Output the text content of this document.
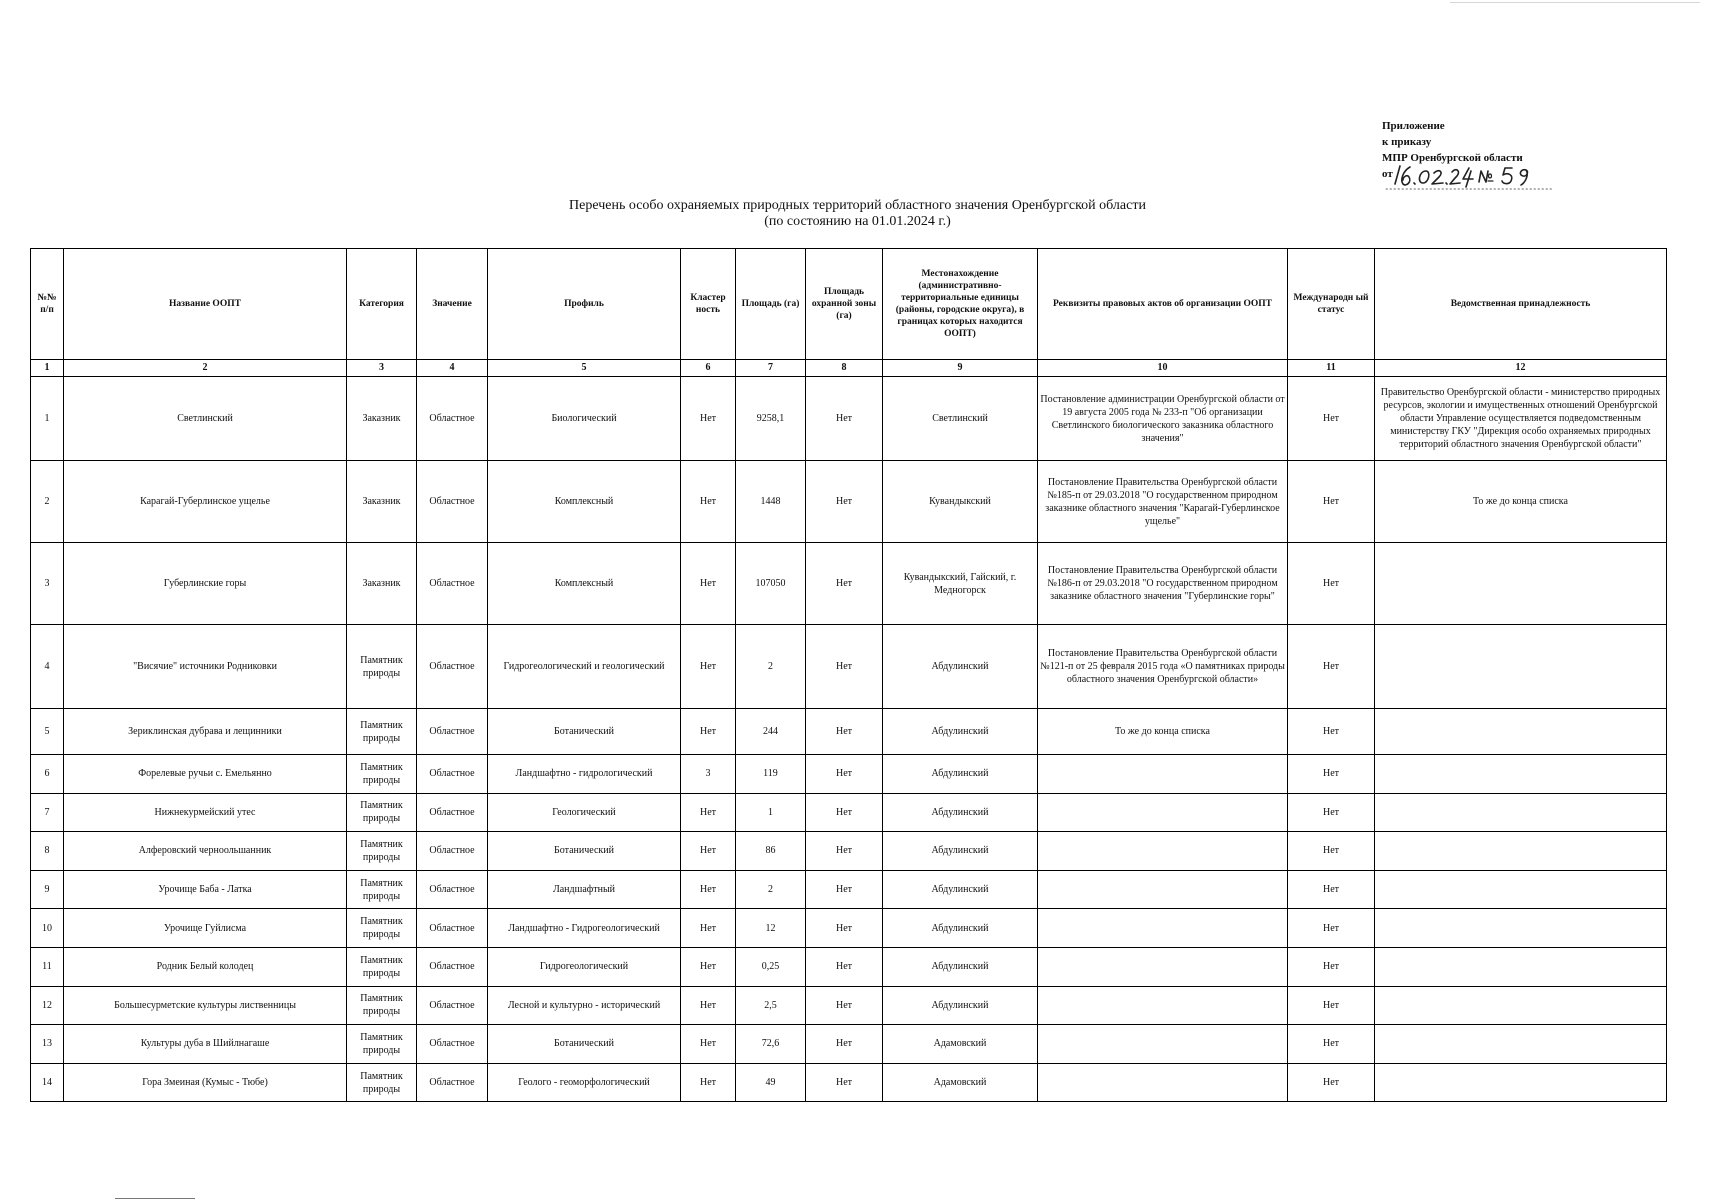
Приложение
к приказу
МПР Оренбургской области
от
Перечень особо охраняемых природных территорий областного значения Оренбургской области
(по состоянию на 01.01.2024 г.)
№№ п/п	Название ООПТ	Категория	Значение	Профиль	Кластер ность	Площадь (га)	Площадь охранной зоны (га)	Местонахождение (административно-территориальные единицы (районы, городские округа), в границах которых находится ООПТ)	Реквизиты правовых актов об организации ООПТ	Международн ый статус	Ведомственная принадлежность
1	2	3	4	5	6	7	8	9	10	11	12
1	Светлинский	Заказник	Областное	Биологический	Нет	9258,1	Нет	Светлинский	Постановление администрации Оренбургской области от 19 августа 2005 года № 233-п "Об организации Светлинского биологического заказника областного значения"	Нет	Правительство Оренбургской области - министерство природных ресурсов, экологии и имущественных отношений Оренбургской области Управление осуществляется подведомственным министерству ГКУ "Дирекция особо охраняемых природных территорий областного значения Оренбургской области"
2	Карагай-Губерлинское ущелье	Заказник	Областное	Комплексный	Нет	1448	Нет	Кувандыкский	Постановление Правительства Оренбургской области №185-п от 29.03.2018 "О государственном природном заказнике областного значения "Карагай-Губерлинское ущелье"	Нет	То же до конца списка
3	Губерлинские горы	Заказник	Областное	Комплексный	Нет	107050	Нет	Кувандыкский, Гайский, г. Медногорск	Постановление Правительства Оренбургской области №186-п от 29.03.2018 "О государственном природном заказнике областного значения "Губерлинские горы"	Нет	
4	"Висячие" источники Родниковки	Памятник природы	Областное	Гидрогеологический и геологический	Нет	2	Нет	Абдулинский	Постановление Правительства Оренбургской области №121-п от 25 февраля 2015 года «О памятниках природы областного значения Оренбургской области»	Нет	
5	Зериклинская дубрава и лещинники	Памятник природы	Областное	Ботанический	Нет	244	Нет	Абдулинский	То же до конца списка	Нет	
6	Форелевые ручьи с. Емельянно	Памятник природы	Областное	Ландшафтно - гидрологический	3	119	Нет	Абдулинский		Нет	
7	Нижнекурмейский утес	Памятник природы	Областное	Геологический	Нет	1	Нет	Абдулинский		Нет	
8	Алферовский черноольшанник	Памятник природы	Областное	Ботанический	Нет	86	Нет	Абдулинский		Нет	
9	Урочище Баба - Латка	Памятник природы	Областное	Ландшафтный	Нет	2	Нет	Абдулинский		Нет	
10	Урочище Гуйлисма	Памятник природы	Областное	Ландшафтно - Гидрогеологический	Нет	12	Нет	Абдулинский		Нет	
11	Родник Белый колодец	Памятник природы	Областное	Гидрогеологический	Нет	0,25	Нет	Абдулинский		Нет	
12	Большесурметские культуры лиственницы	Памятник природы	Областное	Лесной и культурно - исторический	Нет	2,5	Нет	Абдулинский		Нет	
13	Культуры дуба в Шийлнагаше	Памятник природы	Областное	Ботанический	Нет	72,6	Нет	Адамовский		Нет	
14	Гора Змеиная (Кумыс - Тюбе)	Памятник природы	Областное	Геолого - геоморфологический	Нет	49	Нет	Адамовский		Нет	
